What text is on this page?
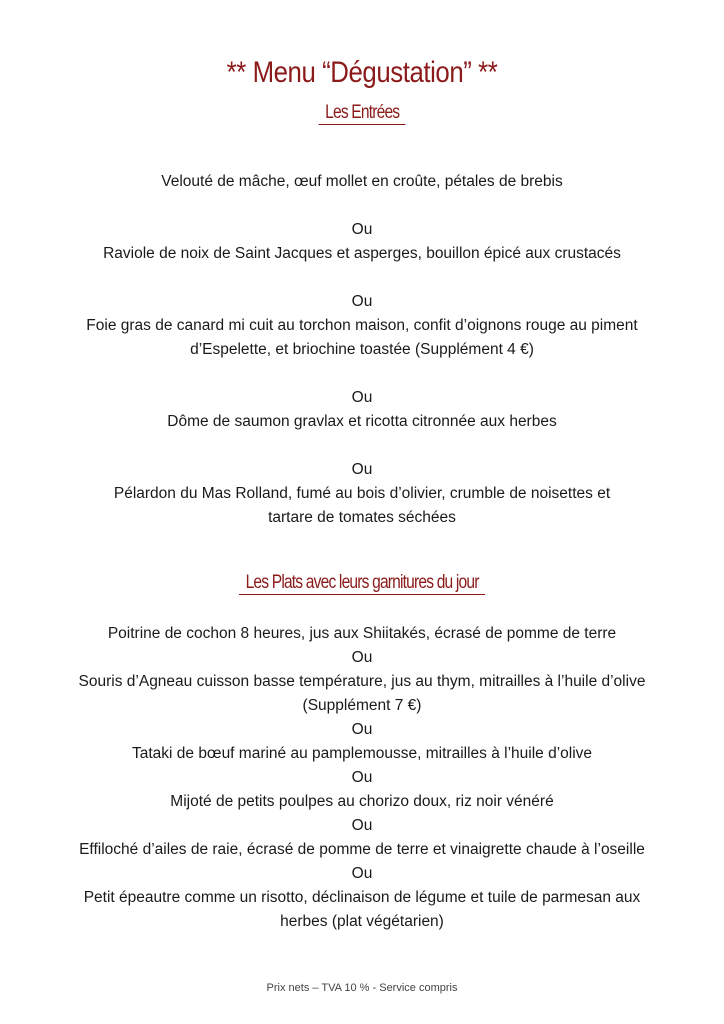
** Menu “Dégustation” **
Les Entrées
Velouté de mâche, œuf mollet en croûte, pétales de brebis
Ou
Raviole de noix de Saint Jacques et asperges, bouillon épicé aux crustacés
Ou
Foie gras de canard mi cuit au torchon maison, confit d’oignons rouge au piment d’Espelette, et briochine toastée (Supplément 4 €)
Ou
Dôme de saumon gravlax et ricotta citronnée aux herbes
Ou
Pélardon du Mas Rolland, fumé au bois d’olivier, crumble de noisettes et tartare de tomates séchées
Les Plats avec leurs garnitures du jour
Poitrine de cochon 8 heures, jus aux Shiitakés, écrasé de pomme de terre
Ou
Souris d’Agneau cuisson basse température, jus au thym, mitrailles à l’huile d’olive (Supplément 7 €)
Ou
Tataki de bœuf mariné au pamplemousse, mitrailles à l’huile d’olive
Ou
Mijoté de petits poulpes au chorizo doux, riz noir vénéré
Ou
Effiloché d’ailes de raie, écrasé de pomme de terre et vinaigrette chaude à l’oseille
Ou
Petit épeautre comme un risotto, déclinaison de légume et tuile de parmesan aux herbes (plat végétarien)
Prix nets – TVA 10 % - Service compris
